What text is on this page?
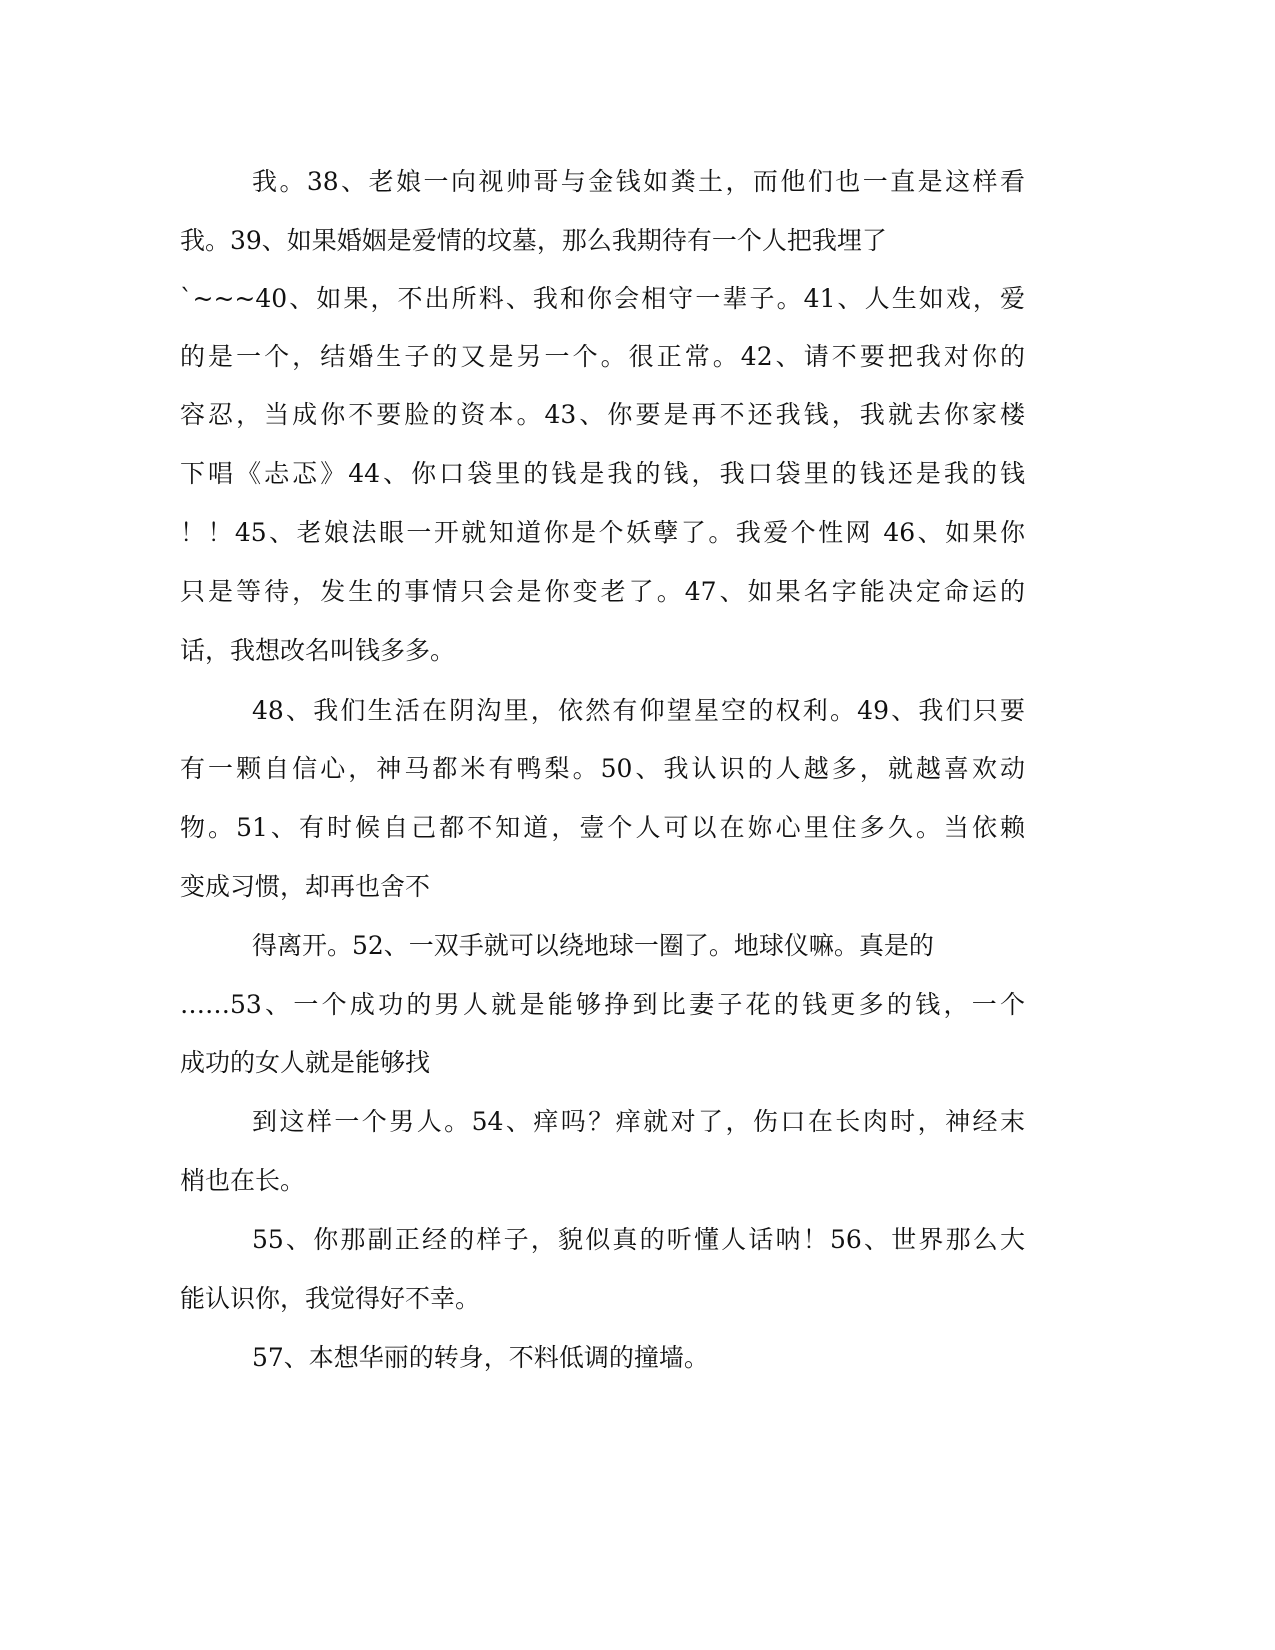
我。38、老娘一向视帅哥与金钱如粪土，而他们也一直是这样看
我。39、如果婚姻是爱情的坟墓，那么我期待有一个人把我埋了
`~~~40、如果，不出所料、我和你会相守一辈子。41、人生如戏，爱
的是一个，结婚生子的又是另一个。很正常。42、请不要把我对你的
容忍，当成你不要脸的资本。43、你要是再不还我钱，我就去你家楼
下唱《忐忑》44、你口袋里的钱是我的钱，我口袋里的钱还是我的钱
！！45、老娘法眼一开就知道你是个妖孽了。我爱个性网 46、如果你
只是等待，发生的事情只会是你变老了。47、如果名字能决定命运的
话，我想改名叫钱多多。
48、我们生活在阴沟里，依然有仰望星空的权利。49、我们只要
有一颗自信心，神马都米有鸭梨。50、我认识的人越多，就越喜欢动
物。51、有时候自己都不知道，壹个人可以在妳心里住多久。当依赖
变成习惯，却再也舍不
得离开。52、一双手就可以绕地球一圈了。地球仪嘛。真是的
……53、一个成功的男人就是能够挣到比妻子花的钱更多的钱，一个
成功的女人就是能够找
到这样一个男人。54、痒吗？痒就对了，伤口在长肉时，神经末
梢也在长。
55、你那副正经的样子，貌似真的听懂人话呐！56、世界那么大
能认识你，我觉得好不幸。
57、本想华丽的转身，不料低调的撞墙。
